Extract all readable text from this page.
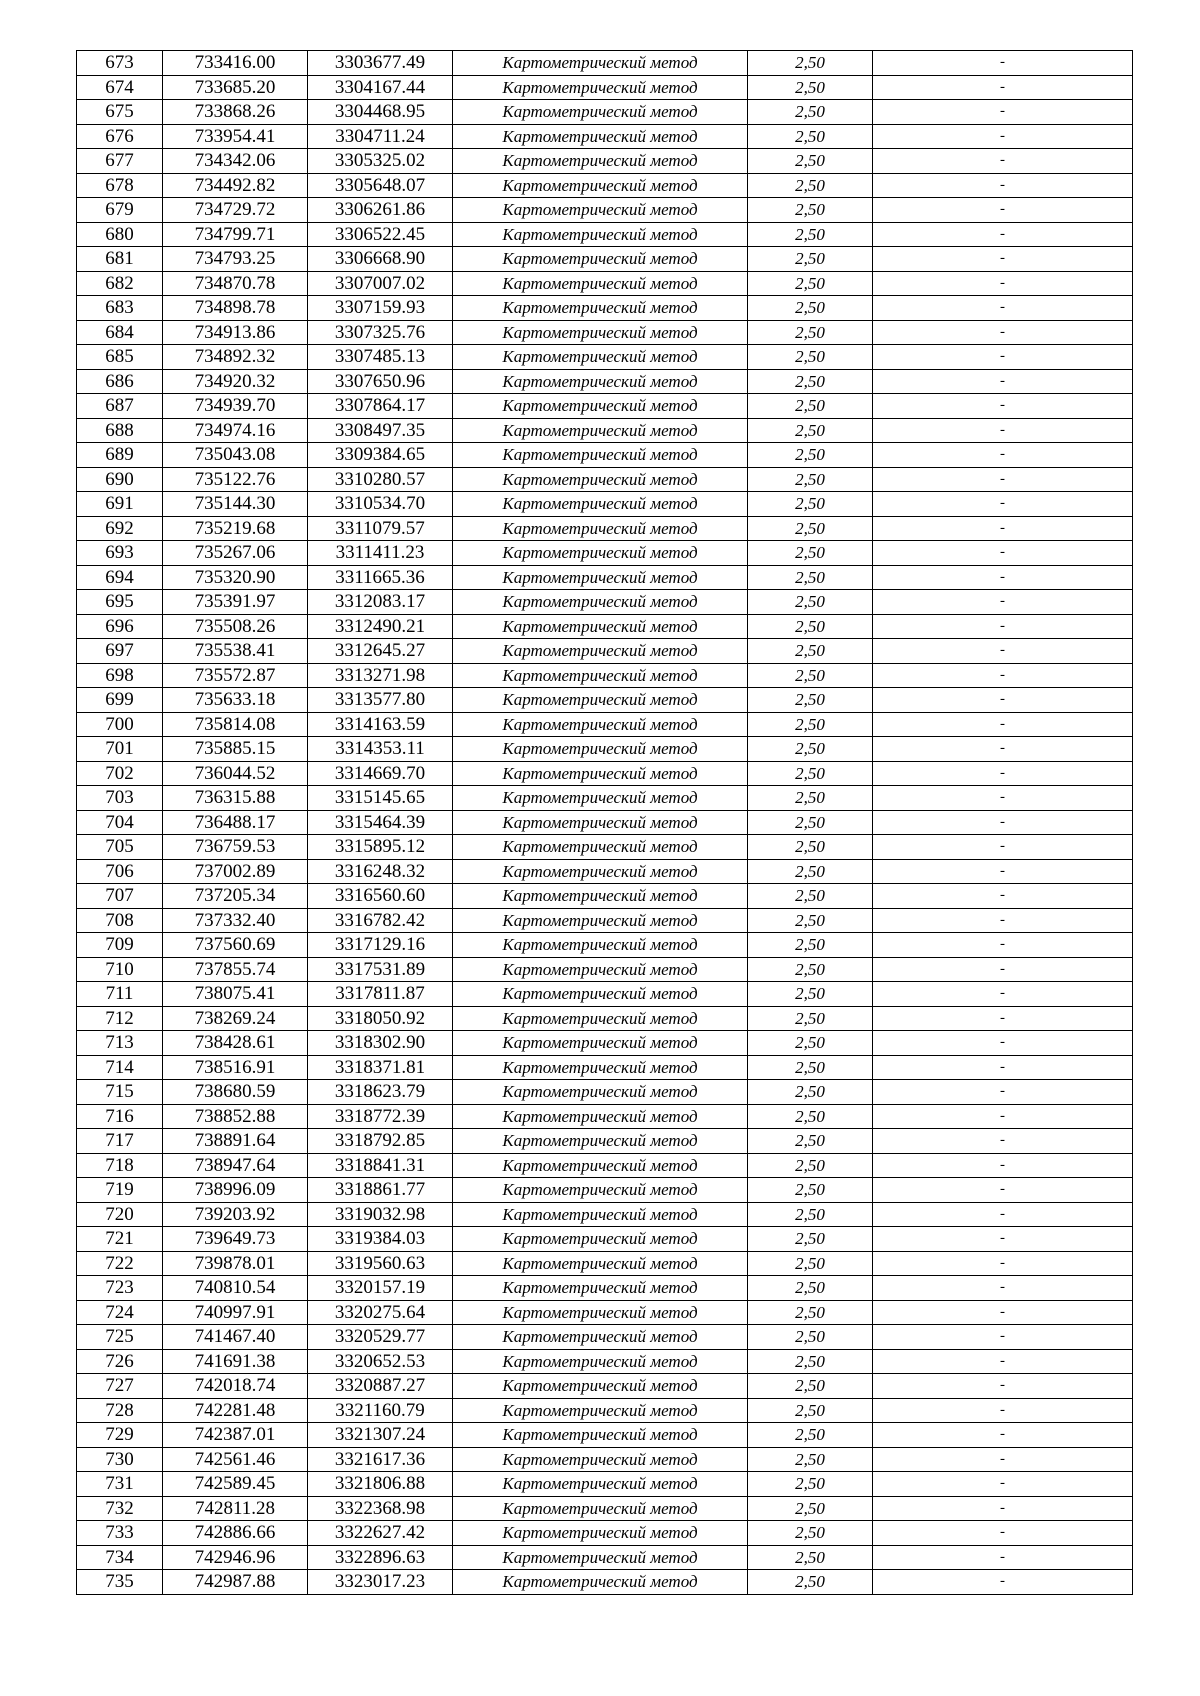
673	733416.00	3303677.49	Картометрический метод	2,50	-
674	733685.20	3304167.44	Картометрический метод	2,50	-
675	733868.26	3304468.95	Картометрический метод	2,50	-
676	733954.41	3304711.24	Картометрический метод	2,50	-
677	734342.06	3305325.02	Картометрический метод	2,50	-
678	734492.82	3305648.07	Картометрический метод	2,50	-
679	734729.72	3306261.86	Картометрический метод	2,50	-
680	734799.71	3306522.45	Картометрический метод	2,50	-
681	734793.25	3306668.90	Картометрический метод	2,50	-
682	734870.78	3307007.02	Картометрический метод	2,50	-
683	734898.78	3307159.93	Картометрический метод	2,50	-
684	734913.86	3307325.76	Картометрический метод	2,50	-
685	734892.32	3307485.13	Картометрический метод	2,50	-
686	734920.32	3307650.96	Картометрический метод	2,50	-
687	734939.70	3307864.17	Картометрический метод	2,50	-
688	734974.16	3308497.35	Картометрический метод	2,50	-
689	735043.08	3309384.65	Картометрический метод	2,50	-
690	735122.76	3310280.57	Картометрический метод	2,50	-
691	735144.30	3310534.70	Картометрический метод	2,50	-
692	735219.68	3311079.57	Картометрический метод	2,50	-
693	735267.06	3311411.23	Картометрический метод	2,50	-
694	735320.90	3311665.36	Картометрический метод	2,50	-
695	735391.97	3312083.17	Картометрический метод	2,50	-
696	735508.26	3312490.21	Картометрический метод	2,50	-
697	735538.41	3312645.27	Картометрический метод	2,50	-
698	735572.87	3313271.98	Картометрический метод	2,50	-
699	735633.18	3313577.80	Картометрический метод	2,50	-
700	735814.08	3314163.59	Картометрический метод	2,50	-
701	735885.15	3314353.11	Картометрический метод	2,50	-
702	736044.52	3314669.70	Картометрический метод	2,50	-
703	736315.88	3315145.65	Картометрический метод	2,50	-
704	736488.17	3315464.39	Картометрический метод	2,50	-
705	736759.53	3315895.12	Картометрический метод	2,50	-
706	737002.89	3316248.32	Картометрический метод	2,50	-
707	737205.34	3316560.60	Картометрический метод	2,50	-
708	737332.40	3316782.42	Картометрический метод	2,50	-
709	737560.69	3317129.16	Картометрический метод	2,50	-
710	737855.74	3317531.89	Картометрический метод	2,50	-
711	738075.41	3317811.87	Картометрический метод	2,50	-
712	738269.24	3318050.92	Картометрический метод	2,50	-
713	738428.61	3318302.90	Картометрический метод	2,50	-
714	738516.91	3318371.81	Картометрический метод	2,50	-
715	738680.59	3318623.79	Картометрический метод	2,50	-
716	738852.88	3318772.39	Картометрический метод	2,50	-
717	738891.64	3318792.85	Картометрический метод	2,50	-
718	738947.64	3318841.31	Картометрический метод	2,50	-
719	738996.09	3318861.77	Картометрический метод	2,50	-
720	739203.92	3319032.98	Картометрический метод	2,50	-
721	739649.73	3319384.03	Картометрический метод	2,50	-
722	739878.01	3319560.63	Картометрический метод	2,50	-
723	740810.54	3320157.19	Картометрический метод	2,50	-
724	740997.91	3320275.64	Картометрический метод	2,50	-
725	741467.40	3320529.77	Картометрический метод	2,50	-
726	741691.38	3320652.53	Картометрический метод	2,50	-
727	742018.74	3320887.27	Картометрический метод	2,50	-
728	742281.48	3321160.79	Картометрический метод	2,50	-
729	742387.01	3321307.24	Картометрический метод	2,50	-
730	742561.46	3321617.36	Картометрический метод	2,50	-
731	742589.45	3321806.88	Картометрический метод	2,50	-
732	742811.28	3322368.98	Картометрический метод	2,50	-
733	742886.66	3322627.42	Картометрический метод	2,50	-
734	742946.96	3322896.63	Картометрический метод	2,50	-
735	742987.88	3323017.23	Картометрический метод	2,50	-
